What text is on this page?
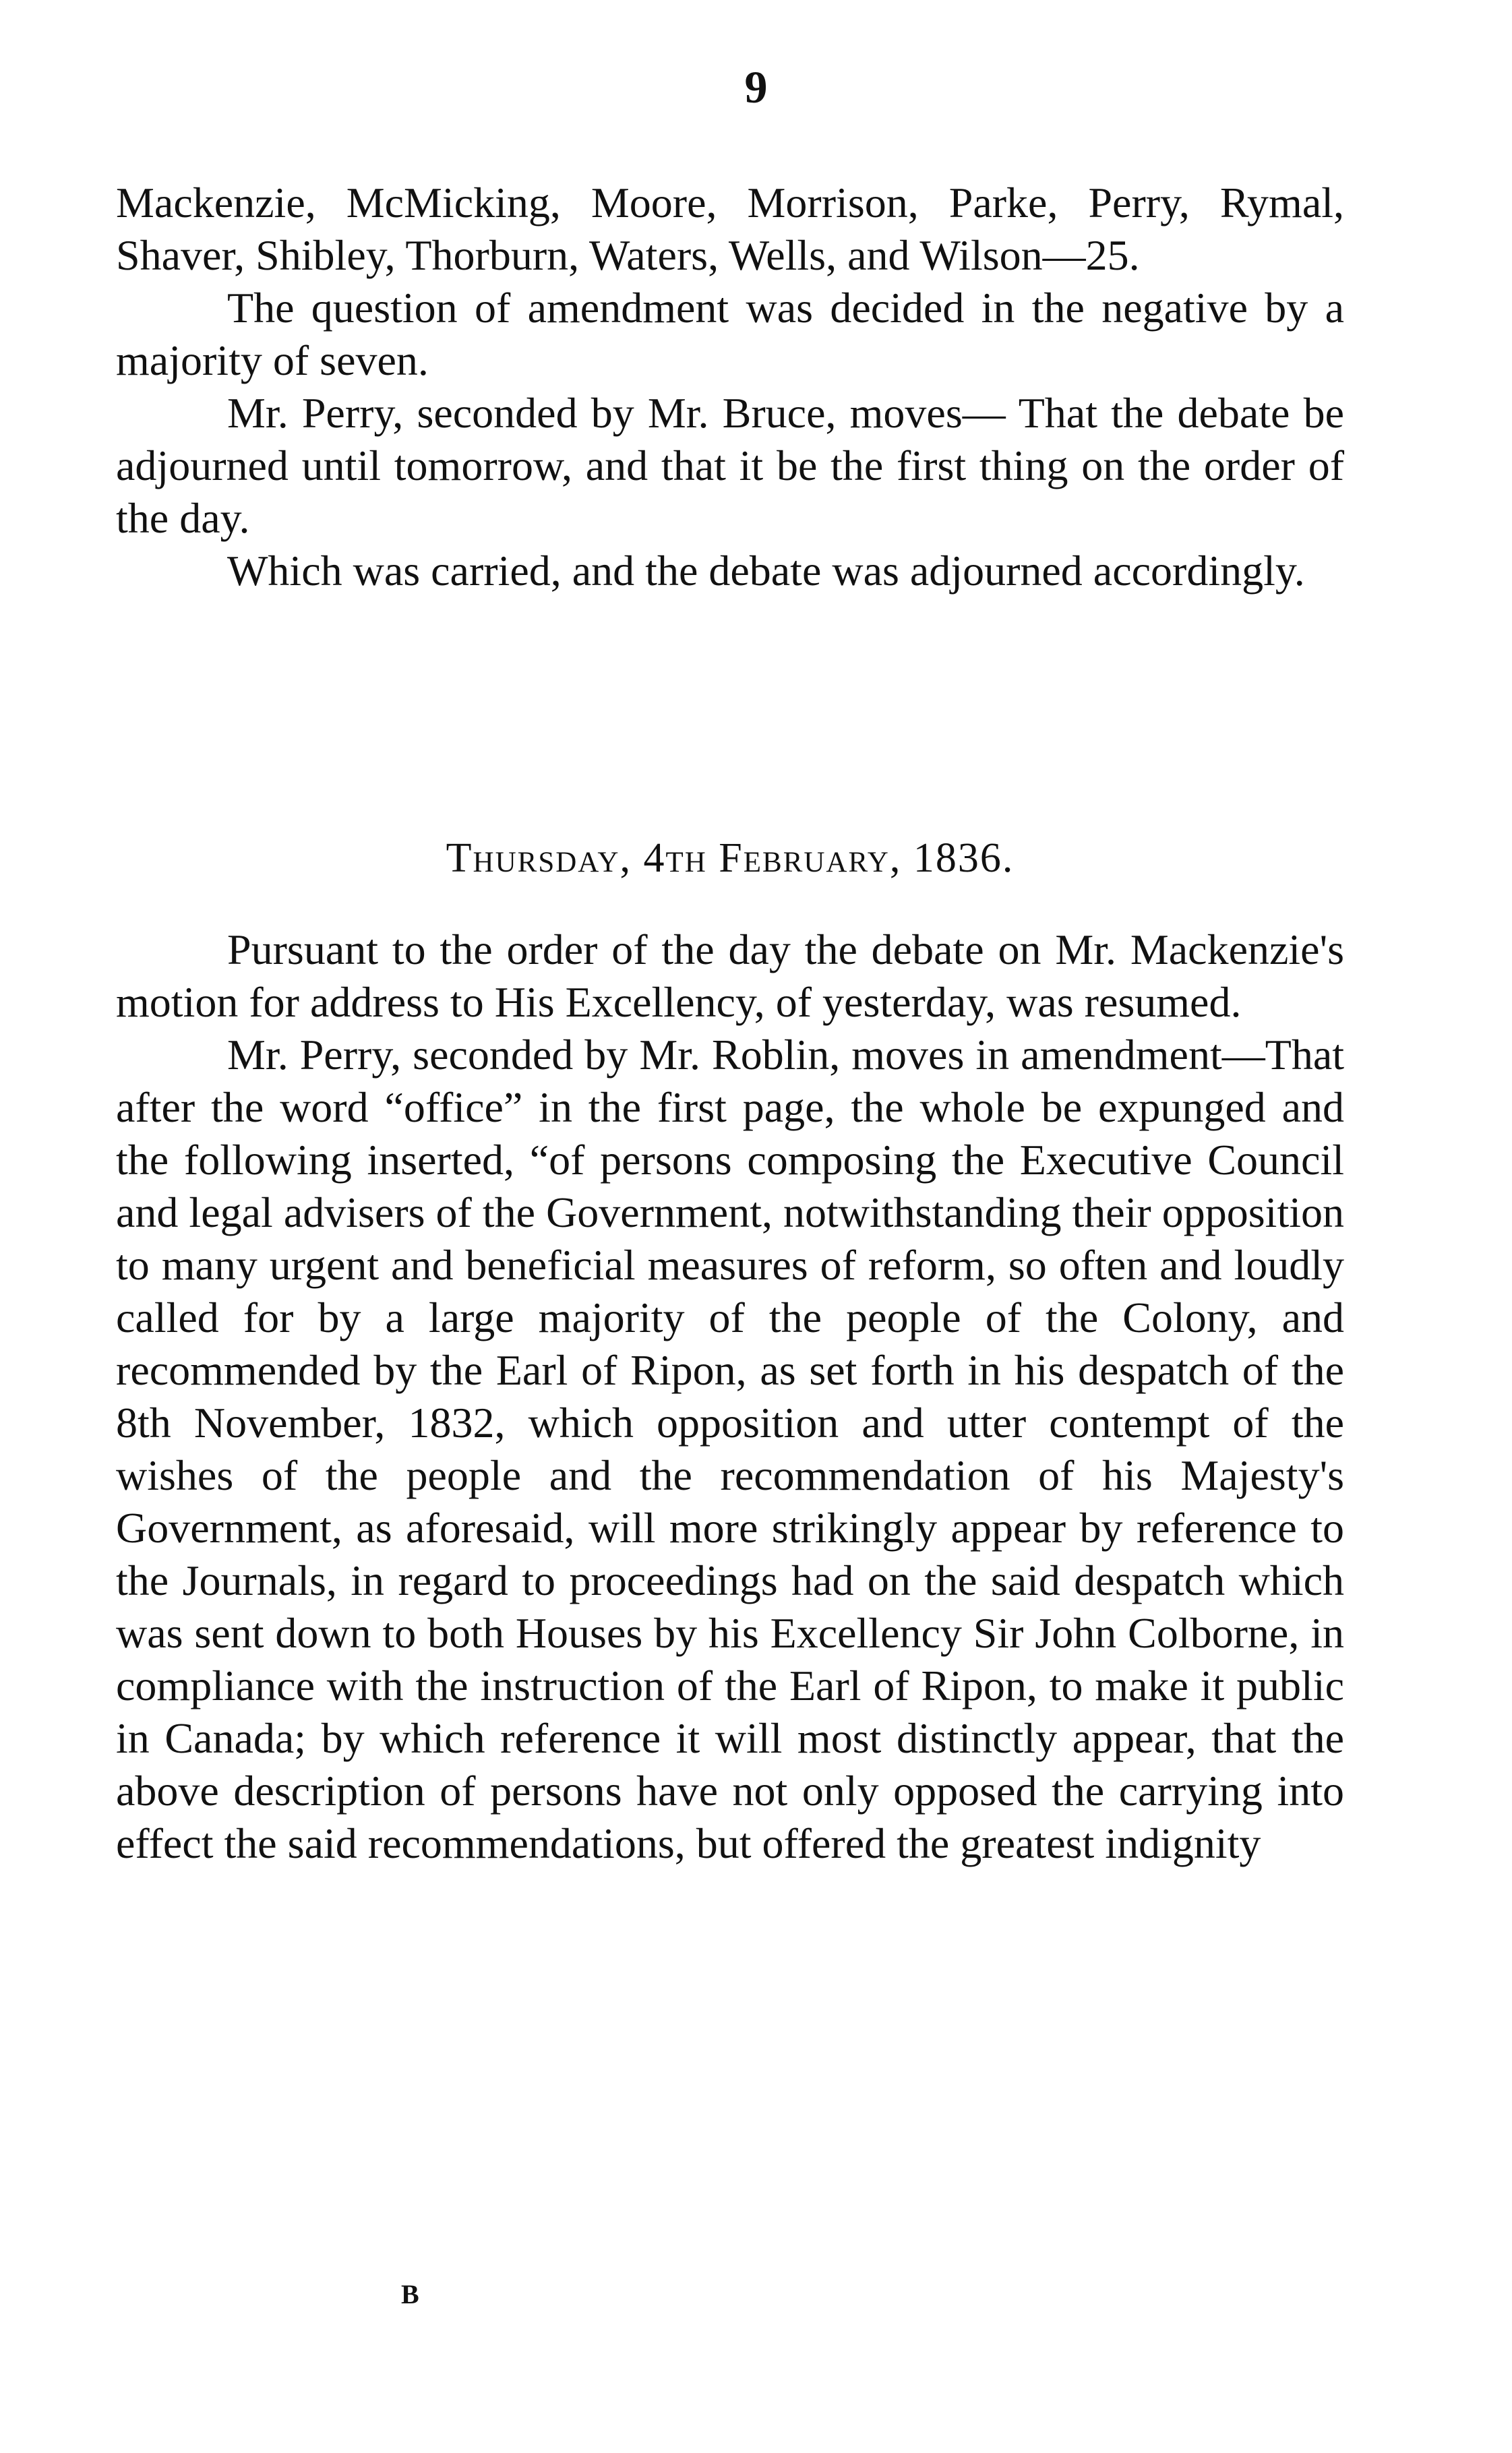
9

Mackenzie, McMicking, Moore, Morrison, Parke, Perry, Rymal, Shaver, Shibley, Thorburn, Waters, Wells, and Wilson—25.

The question of amendment was decided in the negative by a majority of seven.

Mr. Perry, seconded by Mr. Bruce, moves— That the debate be adjourned until tomorrow, and that it be the first thing on the order of the day.

Which was carried, and the debate was adjourned accordingly.

Thursday, 4th February, 1836.

Pursuant to the order of the day the debate on Mr. Mackenzie's motion for address to His Excellency, of yesterday, was resumed.

Mr. Perry, seconded by Mr. Roblin, moves in amendment—That after the word “office” in the first page, the whole be expunged and the following inserted, “of persons composing the Executive Council and legal advisers of the Government, notwithstanding their opposition to many urgent and beneficial measures of reform, so often and loudly called for by a large majority of the people of the Colony, and recommended by the Earl of Ripon, as set forth in his despatch of the 8th November, 1832, which opposition and utter contempt of the wishes of the people and the recommendation of his Majesty's Government, as aforesaid, will more strikingly appear by reference to the Journals, in regard to proceedings had on the said despatch which was sent down to both Houses by his Excellency Sir John Colborne, in compliance with the instruction of the Earl of Ripon, to make it public in Canada; by which reference it will most distinctly appear, that the above description of persons have not only opposed the carrying into effect the said recommendations, but offered the greatest indignity

B
